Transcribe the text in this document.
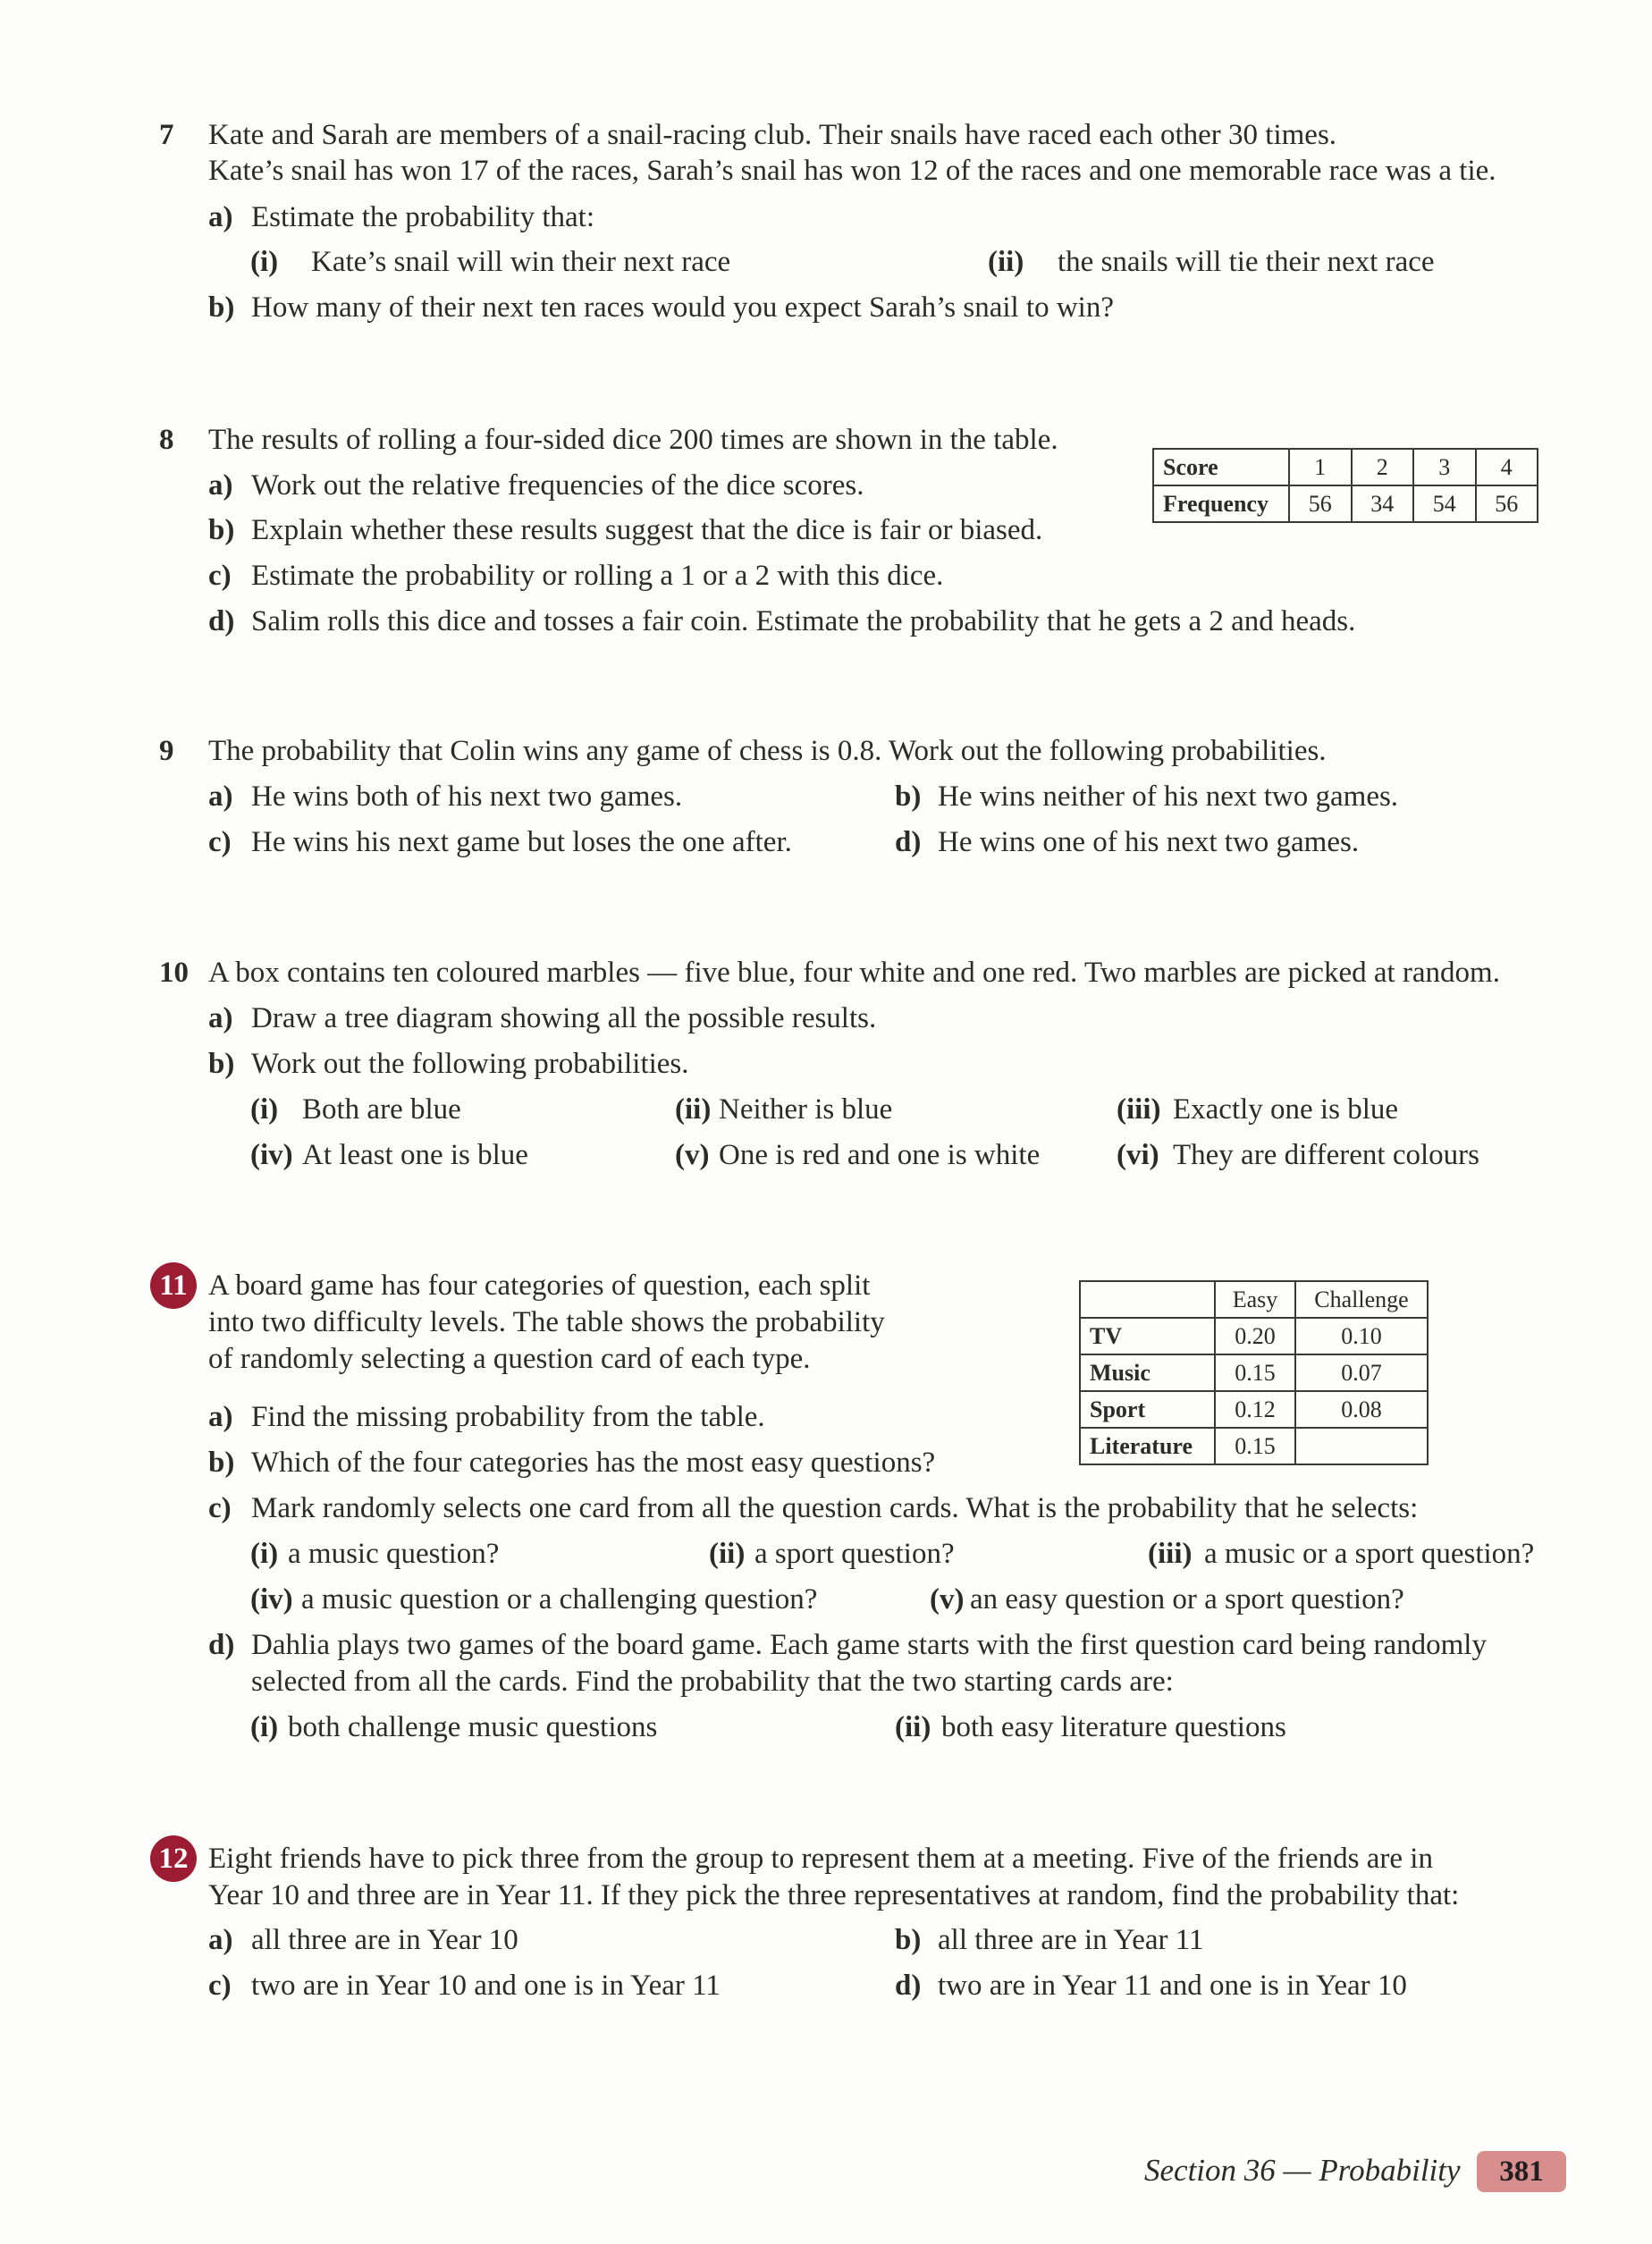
7 Kate and Sarah are members of a snail-racing club. Their snails have raced each other 30 times.
Kate’s snail has won 17 of the races, Sarah’s snail has won 12 of the races and one memorable race was a tie.
a) Estimate the probability that:
(i) Kate’s snail will win their next race	(ii) the snails will tie their next race
b) How many of their next ten races would you expect Sarah’s snail to win?
8 The results of rolling a four-sided dice 200 times are shown in the table.
a) Work out the relative frequencies of the dice scores.
b) Explain whether these results suggest that the dice is fair or biased.
c) Estimate the probability or rolling a 1 or a 2 with this dice.
d) Salim rolls this dice and tosses a fair coin. Estimate the probability that he gets a 2 and heads.
Score	1	2	3	4
Frequency	56	34	54	56
9 The probability that Colin wins any game of chess is 0.8. Work out the following probabilities.
a) He wins both of his next two games.	b) He wins neither of his next two games.
c) He wins his next game but loses the one after.	d) He wins one of his next two games.
10 A box contains ten coloured marbles — five blue, four white and one red. Two marbles are picked at random.
a) Draw a tree diagram showing all the possible results.
b) Work out the following probabilities.
(i) Both are blue	(ii) Neither is blue	(iii) Exactly one is blue
(iv) At least one is blue	(v) One is red and one is white	(vi) They are different colours
11 A board game has four categories of question, each split
into two difficulty levels. The table shows the probability
of randomly selecting a question card of each type.
a) Find the missing probability from the table.
b) Which of the four categories has the most easy questions?
c) Mark randomly selects one card from all the question cards. What is the probability that he selects:
(i) a music question?	(ii) a sport question?	(iii) a music or a sport question?
(iv) a music question or a challenging question?	(v) an easy question or a sport question?
d) Dahlia plays two games of the board game. Each game starts with the first question card being randomly
selected from all the cards. Find the probability that the two starting cards are:
(i) both challenge music questions	(ii) both easy literature questions
	Easy	Challenge
TV	0.20	0.10
Music	0.15	0.07
Sport	0.12	0.08
Literature	0.15	
12 Eight friends have to pick three from the group to represent them at a meeting. Five of the friends are in
Year 10 and three are in Year 11. If they pick the three representatives at random, find the probability that:
a) all three are in Year 10	b) all three are in Year 11
c) two are in Year 10 and one is in Year 11	d) two are in Year 11 and one is in Year 10
Section 36 — Probability	381
